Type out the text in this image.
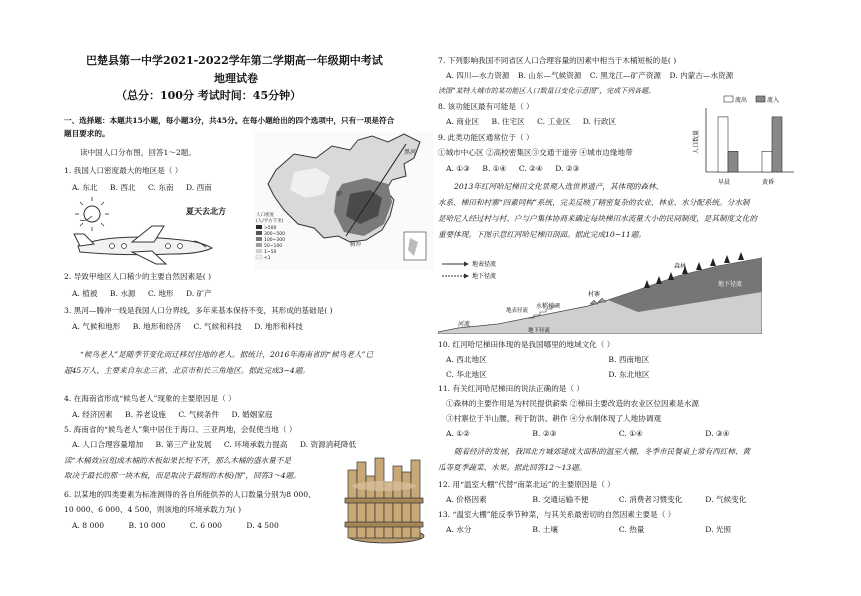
巴楚县第一中学2021-2022学年第二学期高一年级期中考试
地理试卷
（总分：100分 考试时间：45分钟）
一、选择题：本题共15小题，每小题3分，共45分。在每小题给出的四个选项中，只有一项是符合
题目要求的。
读中国人口分布图，回答1～2题。
1. 我国人口密度最大的地区是（ ）
A. 东北 B. 西北 C. 东南 D. 西南
夏天去北方
黑河
甲
腾冲
人口密度
(人/平方千米)
>500
300~500
100~300
50~100
1~50
<1
2. 导致甲地区人口稀少的主要自然因素是( )
A. 植被 B. 水源 C. 地形 D. 矿产
3. 黑河—腾冲一线是我国人口分界线，多年来基本保持不变，其形成的基础是( )
A. 气候和地形 B. 地形和经济 C. 气候和科技 D. 地形和科技
“候鸟老人”是随季节变化而迁移居住地的老人。据统计，2016年海南省的“候鸟老人”已
超45万人，主要来自东北三省、北京市和长三角地区。据此完成3~4题。
4. 在海南省形成“候鸟老人”现象的主要原因是（ ）
A. 经济因素 B. 养老设施 C. 气候条件 D. 婚姻家庭
5. 海南省的“候鸟老人”集中居住于海口、三亚两地，会促使当地（ ）
A. 人口合理容量增加 B. 第三产业发展 C. 环境承载力提高 D. 资源消耗降低
读“木桶效应(组成木桶的木板如果长短不齐，那么木桶的盛水量不是
取决于最长的那一块木板，而是取决于最短的木板)图”，回答3～4题。
6. 以某地的四类要素为标准测得的各自所能供养的人口数量分别为8 000、
10 000、6 000、4 500，则该地的环境承载力为( )
A. 8 000	B. 10 000	C. 6 000	D. 4 500
7. 下列影响我国不同省区人口合理容量的因素中相当于木桶短板的是( )
A. 四川—水力资源 B. 山东—气候资源 C. 黑龙江—矿产资源 D. 内蒙古—水资源
读图“某特大城市的某功能区人口数量日变化示意图”，完成下列各题。
8. 该功能区最有可能是（ ）
A. 商业区 B. 住宅区 C. 工业区 D. 行政区
9. 此类功能区通常位于（ ）
①城市中心区 ②高校密集区③交通干道旁 ④城市边缘地带
A. ①③ B. ①④ C. ②④ D. ②③
流出	流入
人口数量
早晨	黄昏
2013年红河哈尼梯田文化景观入选世界遗产，其体现的森林、
水系、梯田和村寨“四素同构”系统，完美反映了精密复杂的农业、林业、水分配系统。分水制
是哈尼人经过村与村、户与户集体协商来确定每块梯田水流量大小的民间制度，是其制度文化的
重要体现。下图示意红河哈尼梯田剖面。据此完成10~11题。
地表径流
地下径流
森林
村寨
水稻梯田
河流
地表径流
地下径流
地下径流
10. 红河哈尼梯田体现的是我国哪里的地域文化（ ）
A. 西北地区	B. 西南地区
C. 华北地区	D. 东北地区
11. 有关红河哈尼梯田的说法正确的是（ ）
①森林的主要作用是为村民提供薪柴 ②梯田主要改造的农业区位因素是水源
③村寨位于半山腰，利于防洪、耕作 ④分水制体现了人地协调观
A. ①②	B. ②③	C. ①④	D. ③④
随着经济的发展，我国北方城郊建成大面积的温室大棚，冬季市民餐桌上常有西红柿、黄
瓜等夏季蔬菜、水果。据此回答12～13题。
12. 用“温室大棚”代替“南菜北运”的主要原因是（ ）
A. 价格因素	B. 交通运输不便	C. 消费者习惯变化	D. 气候变化
13. “温室大棚”能反季节种菜，与其关系最密切的自然因素主要是（ ）
A. 水分	B. 土壤	C. 热量	D. 光照
